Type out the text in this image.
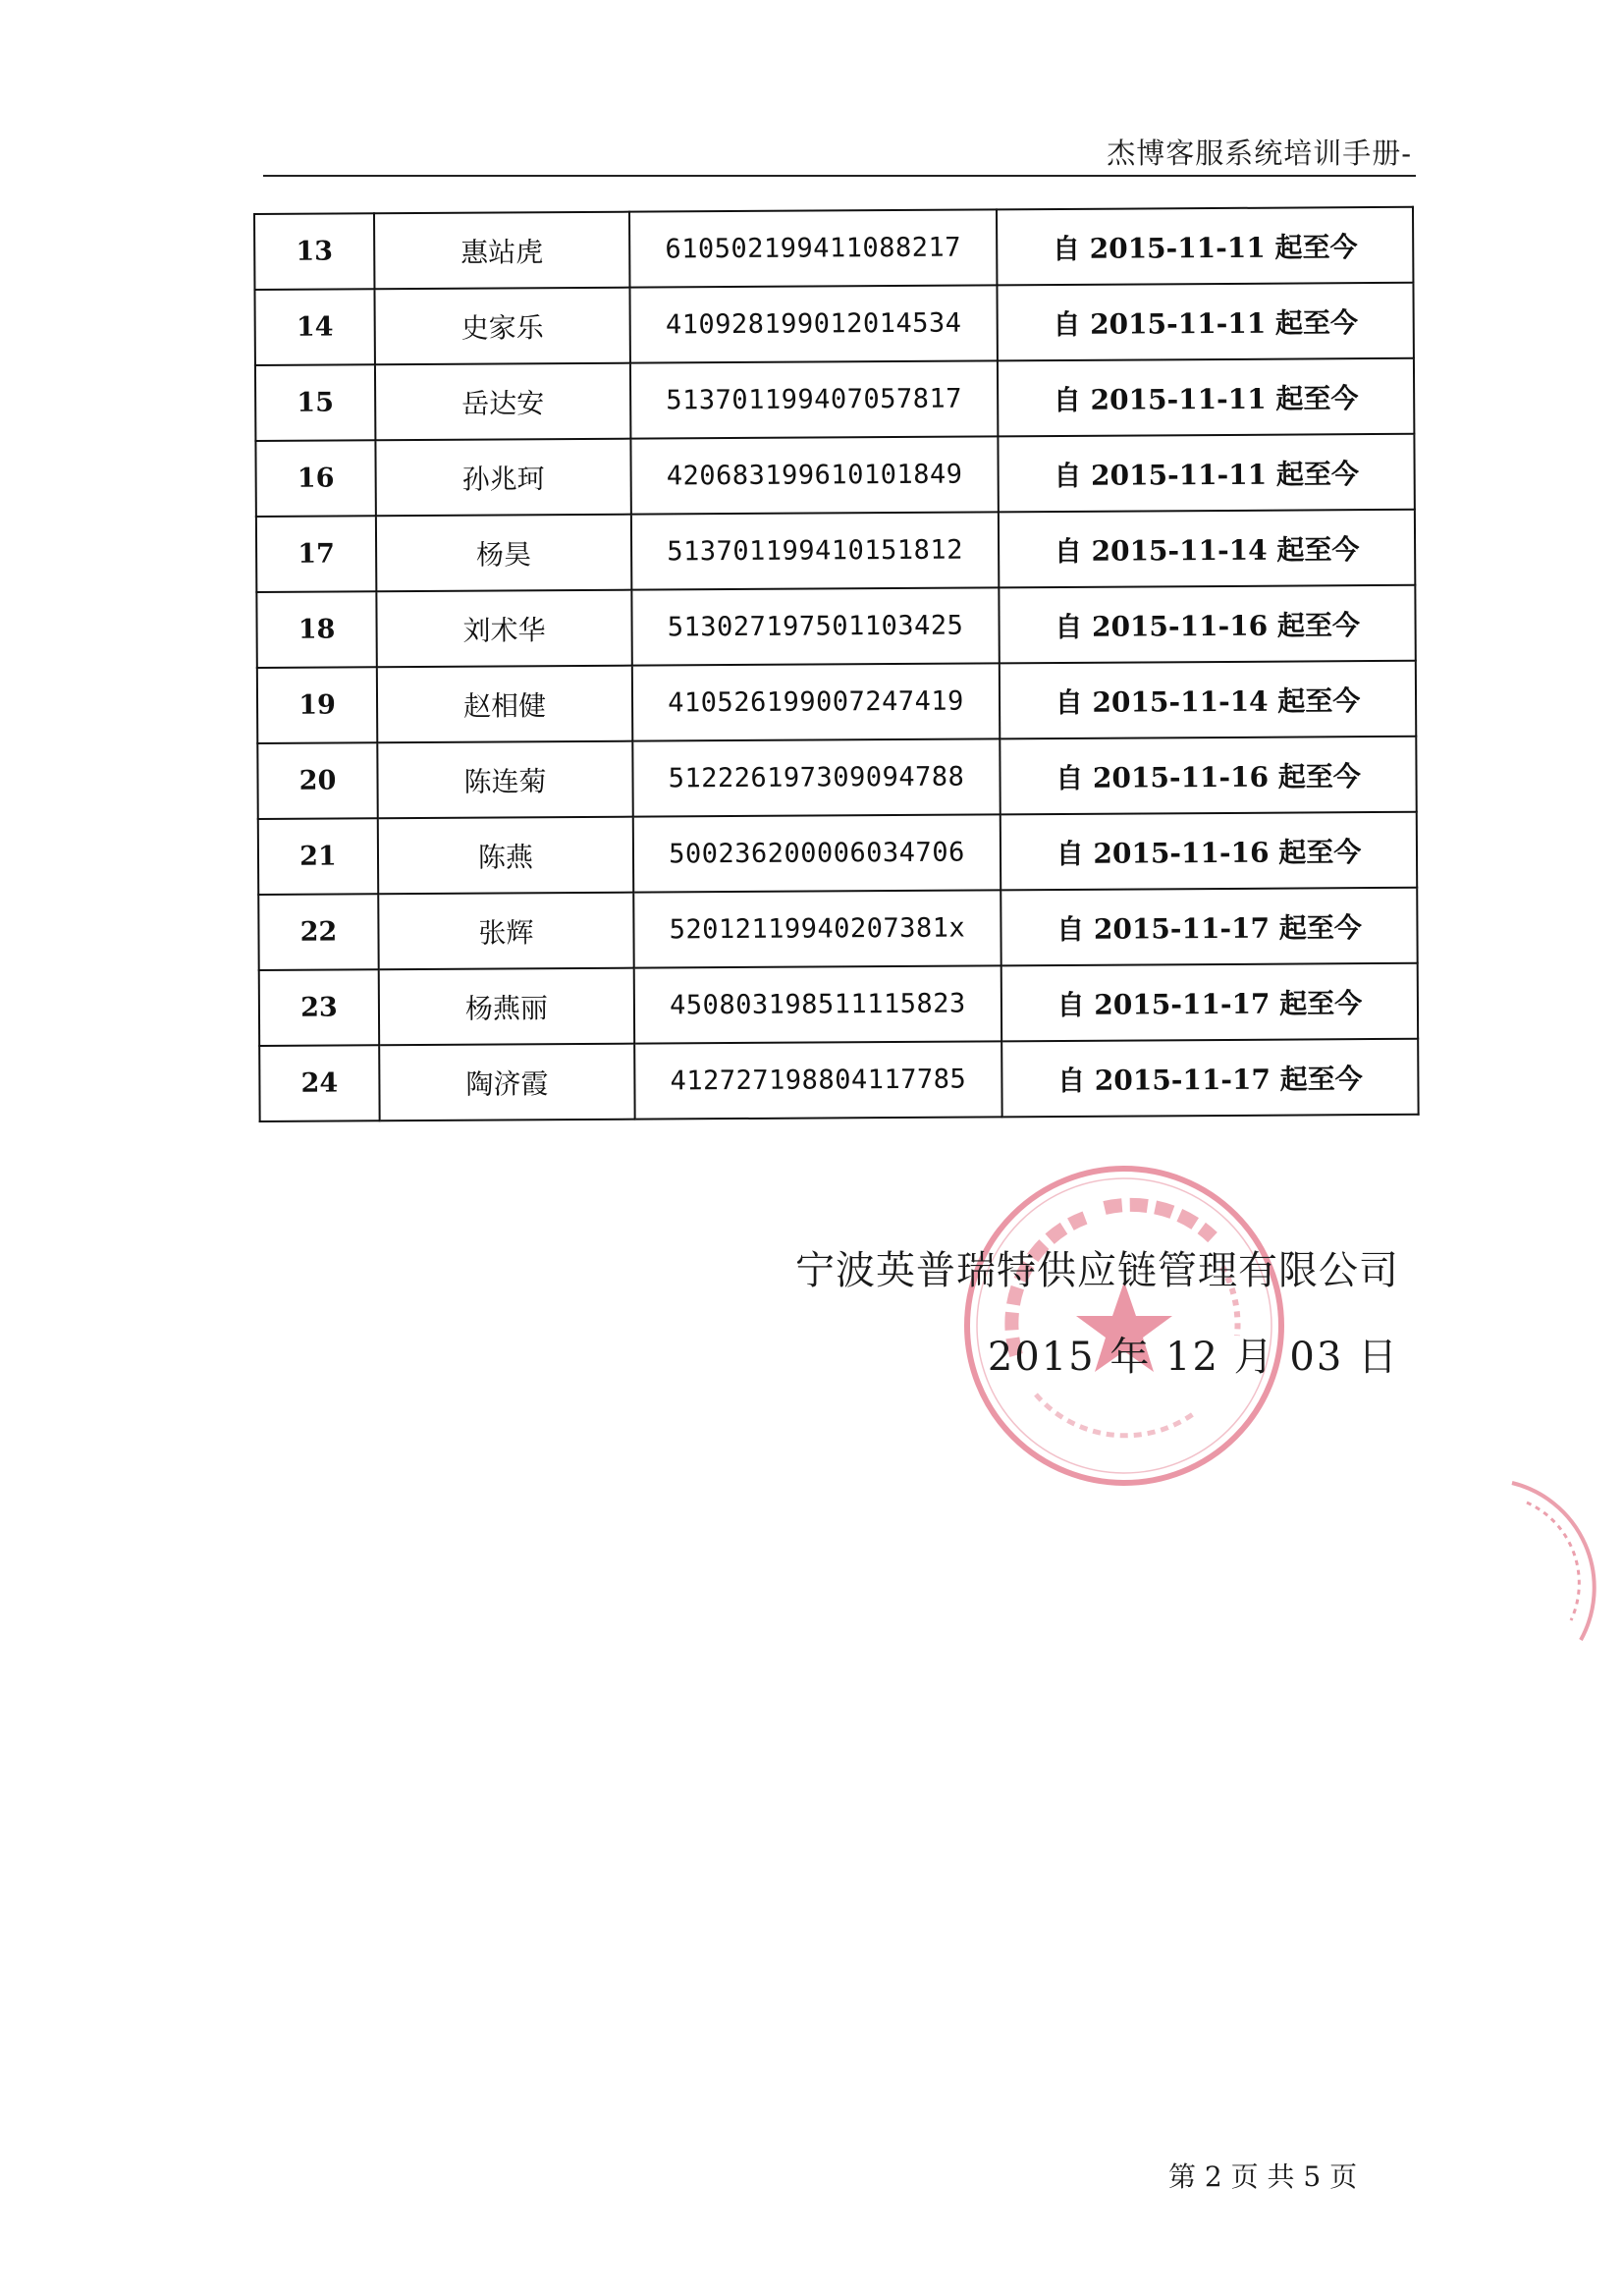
杰博客服系统培训手册-
13	惠站虎	610502199411088217	自 2015-11-11 起至今
14	史家乐	410928199012014534	自 2015-11-11 起至今
15	岳达安	513701199407057817	自 2015-11-11 起至今
16	孙兆珂	420683199610101849	自 2015-11-11 起至今
17	杨昊	513701199410151812	自 2015-11-14 起至今
18	刘术华	513027197501103425	自 2015-11-16 起至今
19	赵相健	410526199007247419	自 2015-11-14 起至今
20	陈连菊	512226197309094788	自 2015-11-16 起至今
21	陈燕	500236200006034706	自 2015-11-16 起至今
22	张辉	52012119940207381x	自 2015-11-17 起至今
23	杨燕丽	450803198511115823	自 2015-11-17 起至今
24	陶济霞	412727198804117785	自 2015-11-17 起至今
宁波英普瑞特供应链管理有限公司
2015 年 12 月 03 日
第 2 页 共 5 页
